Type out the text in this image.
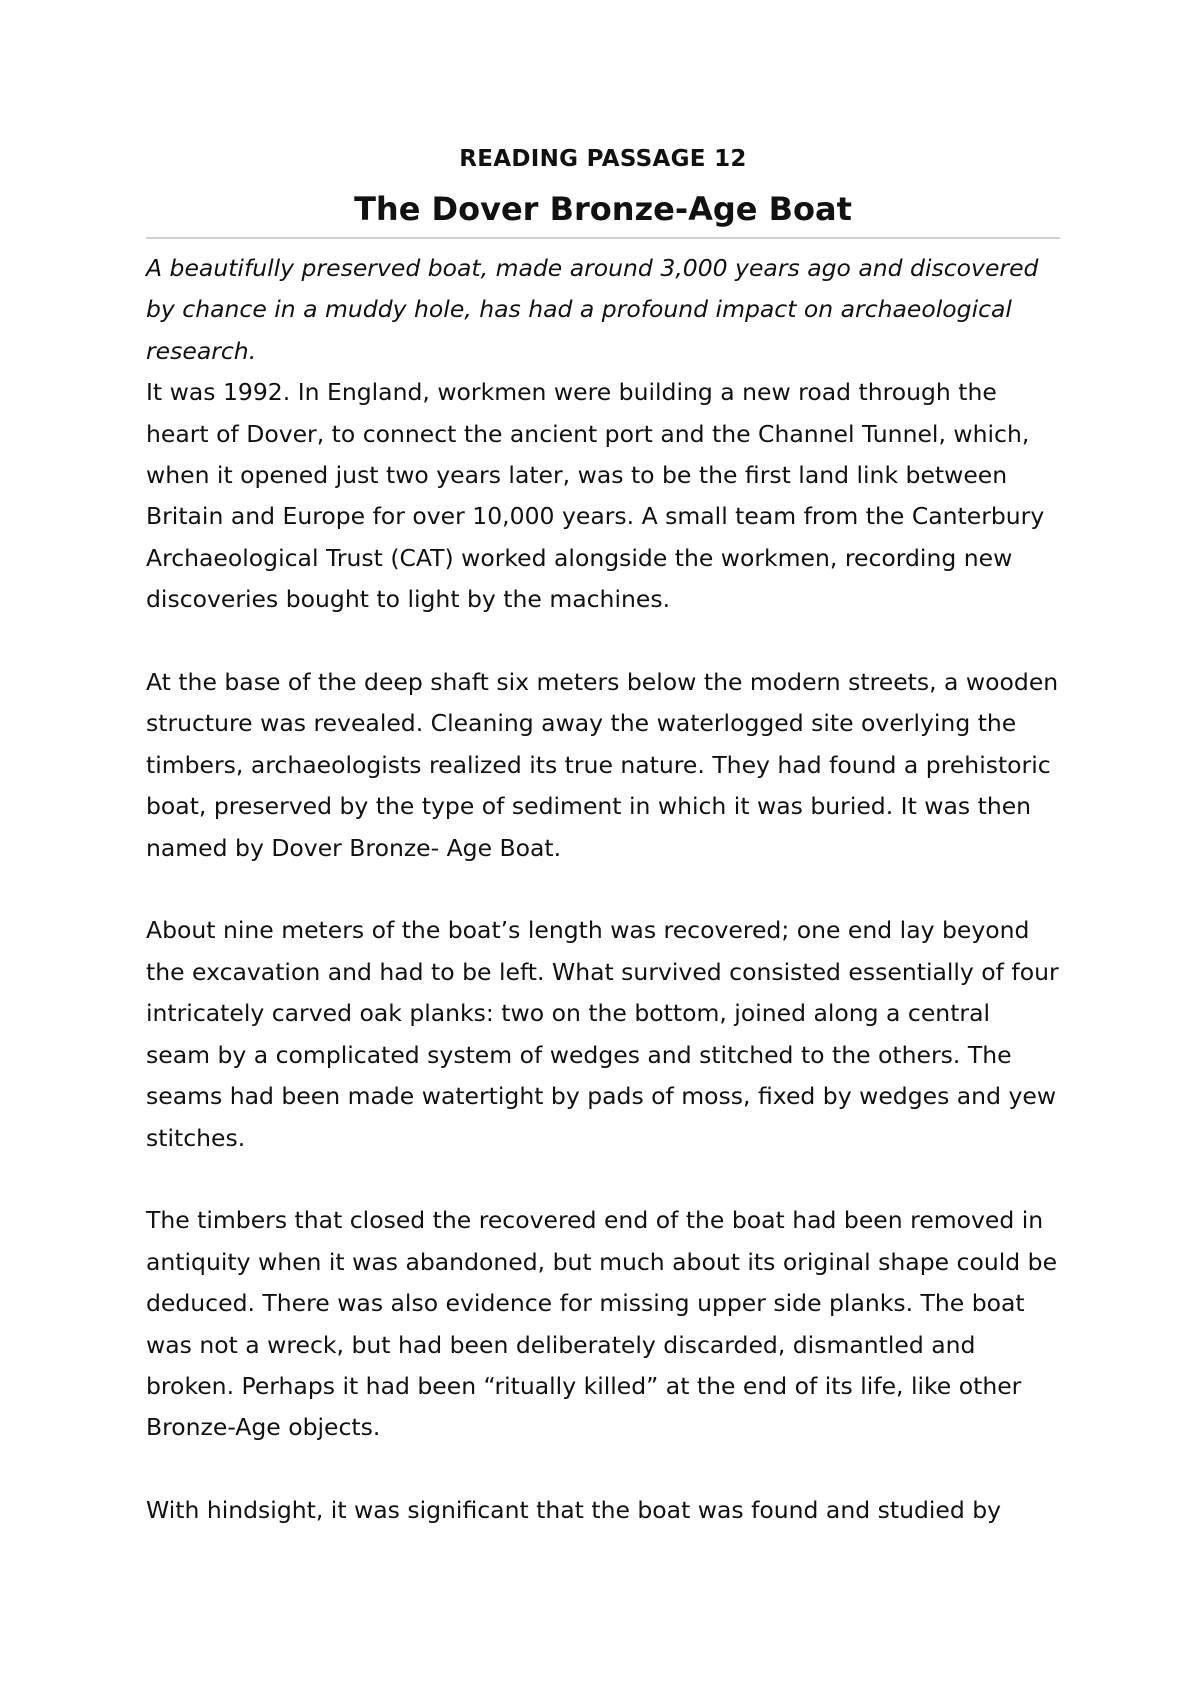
READING PASSAGE 12
The Dover Bronze-Age Boat

A beautifully preserved boat, made around 3,000 years ago and discovered by chance in a muddy hole, has had a profound impact on archaeological research.

It was 1992. In England, workmen were building a new road through the heart of Dover, to connect the ancient port and the Channel Tunnel, which, when it opened just two years later, was to be the first land link between Britain and Europe for over 10,000 years. A small team from the Canterbury Archaeological Trust (CAT) worked alongside the workmen, recording new discoveries bought to light by the machines.

At the base of the deep shaft six meters below the modern streets, a wooden structure was revealed. Cleaning away the waterlogged site overlying the timbers, archaeologists realized its true nature. They had found a prehistoric boat, preserved by the type of sediment in which it was buried. It was then named by Dover Bronze- Age Boat.

About nine meters of the boat’s length was recovered; one end lay beyond the excavation and had to be left. What survived consisted essentially of four intricately carved oak planks: two on the bottom, joined along a central seam by a complicated system of wedges and stitched to the others. The seams had been made watertight by pads of moss, fixed by wedges and yew stitches.

The timbers that closed the recovered end of the boat had been removed in antiquity when it was abandoned, but much about its original shape could be deduced. There was also evidence for missing upper side planks. The boat was not a wreck, but had been deliberately discarded, dismantled and broken. Perhaps it had been “ritually killed” at the end of its life, like other Bronze-Age objects.

With hindsight, it was significant that the boat was found and studied by
